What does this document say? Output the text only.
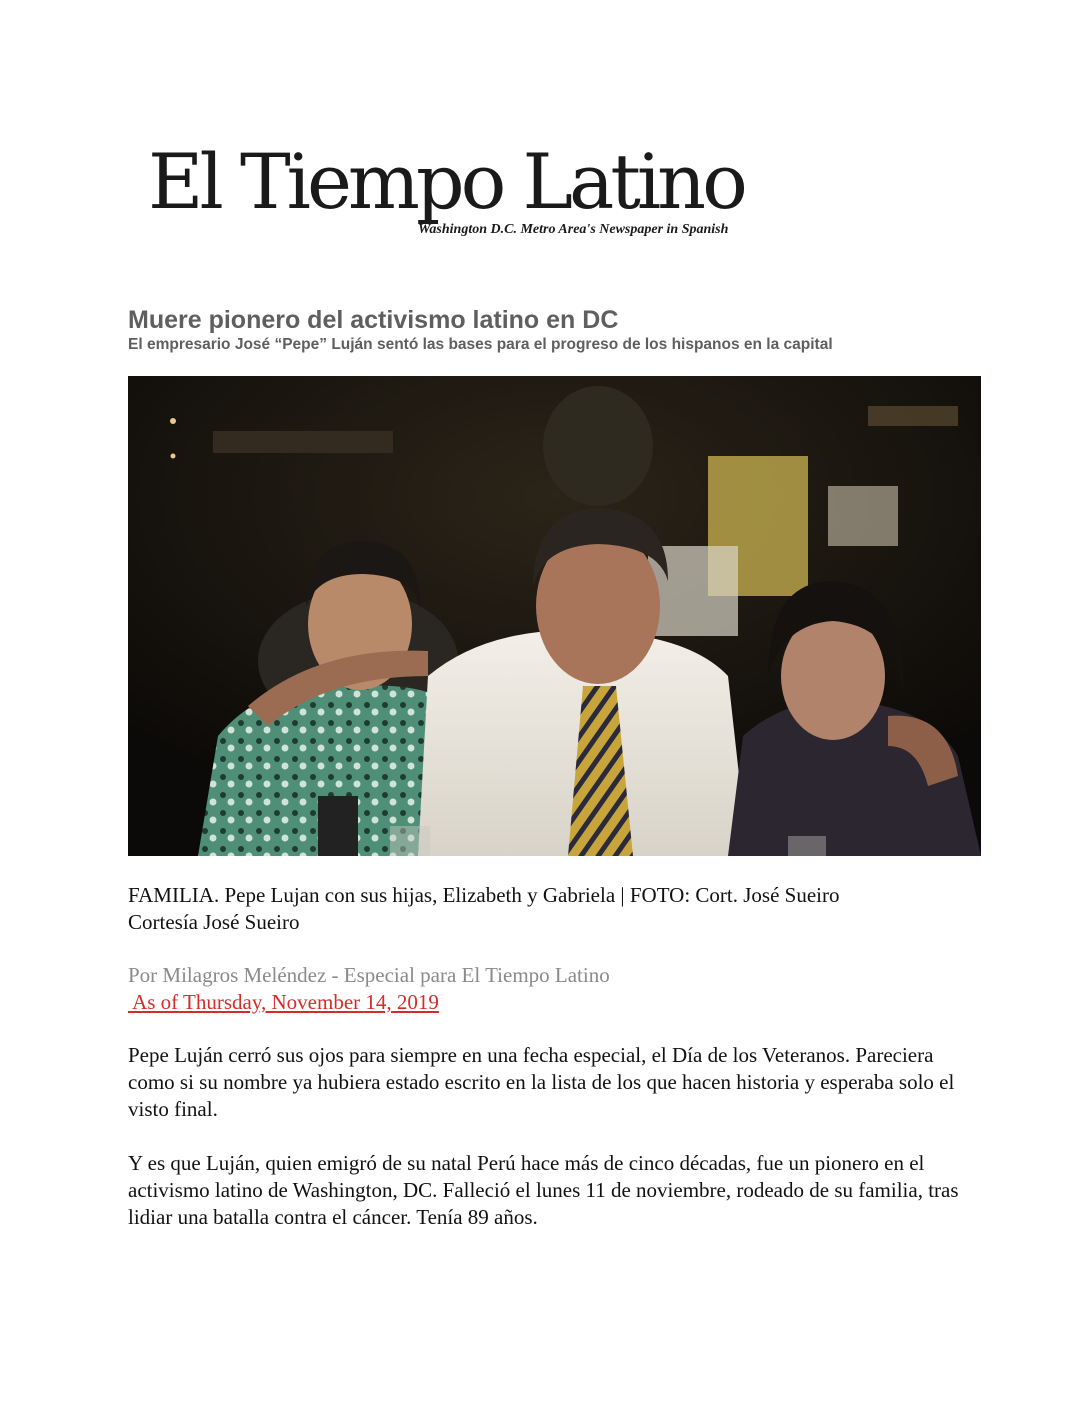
El Tiempo Latino
Washington D.C. Metro Area's Newspaper in Spanish
Muere pionero del activismo latino en DC
El empresario José “Pepe” Luján sentó las bases para el progreso de los hispanos en la capital
FAMILIA. Pepe Lujan con sus hijas, Elizabeth y Gabriela | FOTO: Cort. José Sueiro
Cortesía José Sueiro
Por Milagros Meléndez - Especial para El Tiempo Latino
As of Thursday, November 14, 2019
Pepe Luján cerró sus ojos para siempre en una fecha especial, el Día de los Veteranos. Pareciera como si su nombre ya hubiera estado escrito en la lista de los que hacen historia y esperaba solo el visto final.
Y es que Luján, quien emigró de su natal Perú hace más de cinco décadas, fue un pionero en el activismo latino de Washington, DC. Falleció el lunes 11 de noviembre, rodeado de su familia, tras lidiar una batalla contra el cáncer. Tenía 89 años.
